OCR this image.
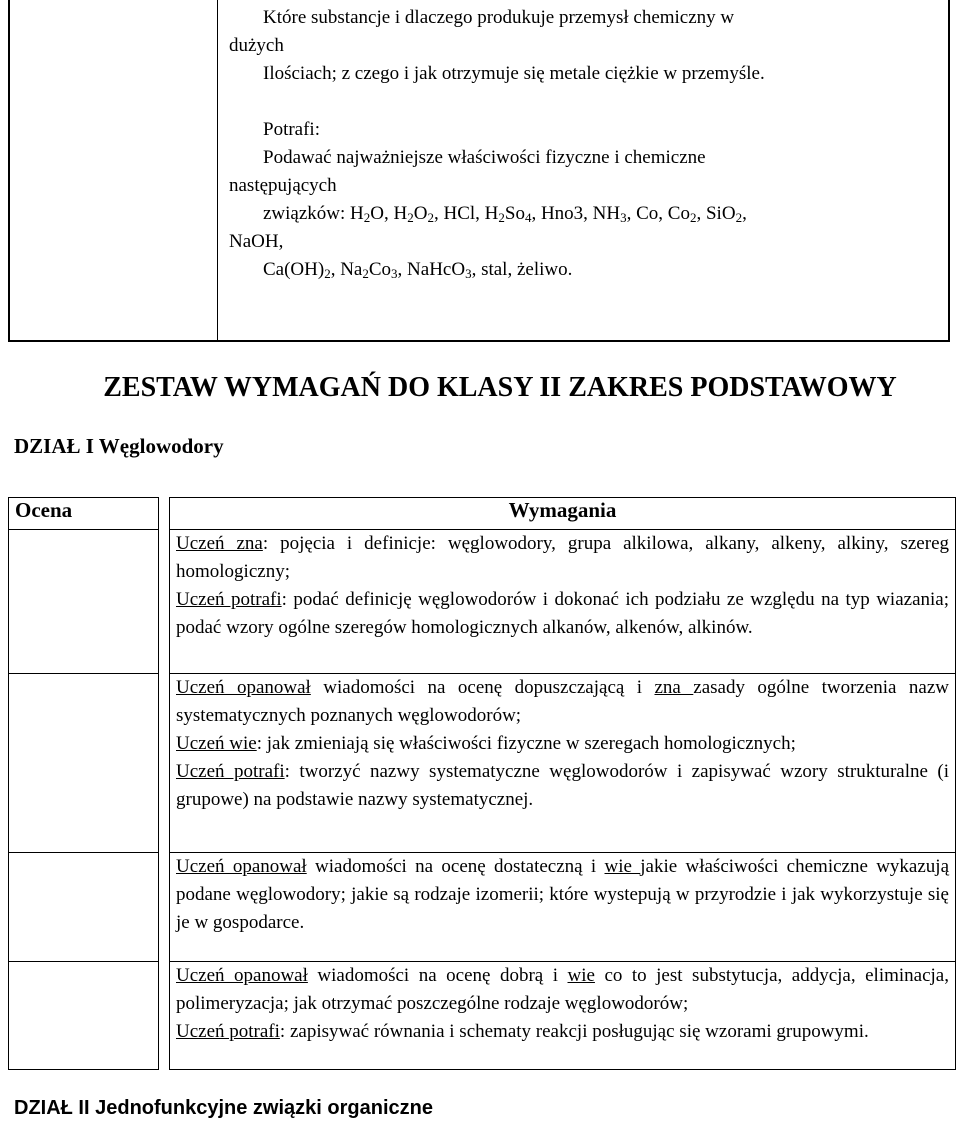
Które substancje i dlaczego produkuje przemysł chemiczny w
dużych
Ilościach; z czego i jak otrzymuje się metale ciężkie w przemyśle.
Potrafi:
Podawać najważniejsze właściwości fizyczne i chemiczne
następujących
związków: $H_2O$, $H_2O_2$, HCl, $H_2So_4$, Hno3, $NH_3$, Co, $Co_2$, SiO$_2$,
NaOH,
$Ca(OH)_2$, $Na_2Co_3$, NaHcO$_3$, stal, żeliwo.
ZESTAW WYMAGAŃ DO KLASY II ZAKRES PODSTAWOWY
DZIAŁ I Węglowodory
Ocena		Wymagania

		Uczeń zna: pojęcia i definicje: węglowodory, grupa alkilowa, alkany, alkeny, alkiny, szereg homologiczny;
Uczeń potrafi: podać definicję węglowodorów i dokonać ich podziału ze względu na typ wiazania; podać wzory ogólne szeregów homologicznych alkanów, alkenów, alkinów.

		Uczeń opanował wiadomości na ocenę dopuszczającą i zna zasady ogólne tworzenia nazw systematycznych poznanych węglowodorów;
Uczeń wie: jak zmieniają się właściwości fizyczne w szeregach homologicznych;
Uczeń potrafi: tworzyć nazwy systematyczne węglowodorów i zapisywać wzory strukturalne (i grupowe) na podstawie nazwy systematycznej.

		Uczeń opanował wiadomości na ocenę dostateczną i wie jakie właściwości chemiczne wykazują podane węglowodory; jakie są rodzaje izomerii; które wystepują w przyrodzie i jak wykorzystuje się je w gospodarce.

		Uczeń opanował wiadomości na ocenę dobrą i wie co to jest substytucja, addycja, eliminacja, polimeryzacja; jak otrzymać poszczególne rodzaje węglowodorów;
Uczeń potrafi: zapisywać równania i schematy reakcji posługując się wzorami grupowymi.

DZIAŁ II Jednofunkcyjne związki organiczne
